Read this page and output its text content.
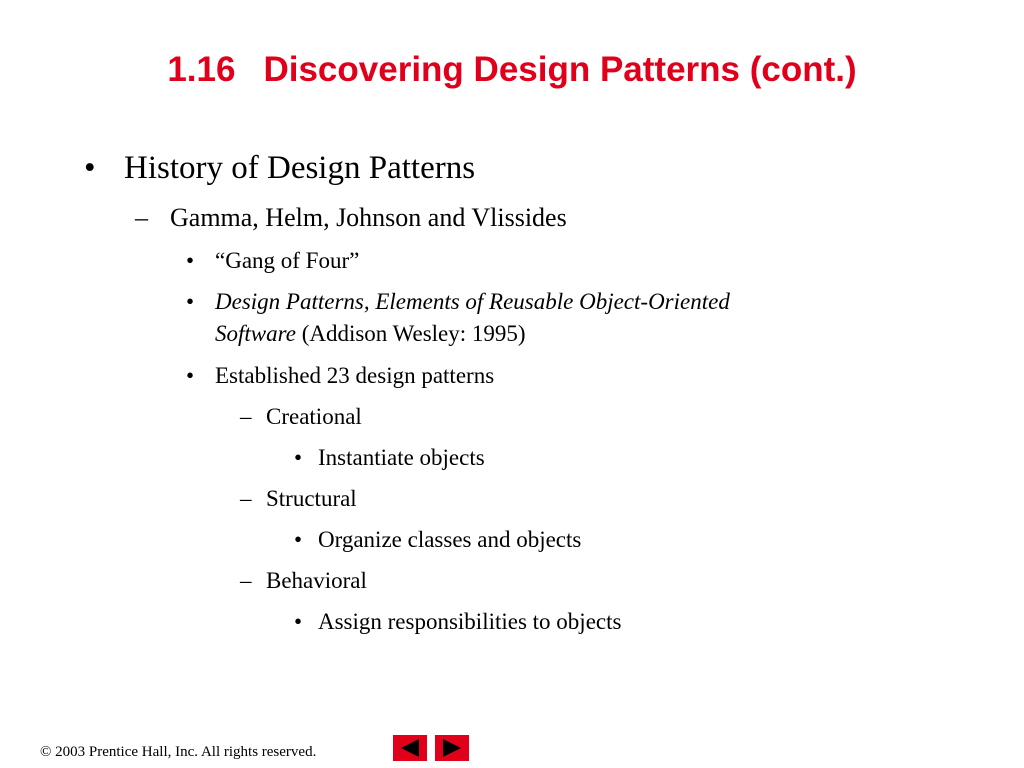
1.16 Discovering Design Patterns (cont.)
• History of Design Patterns
– Gamma, Helm, Johnson and Vlissides
• “Gang of Four”
• Design Patterns, Elements of Reusable Object-Oriented
Software (Addison Wesley: 1995)
• Established 23 design patterns
– Creational
• Instantiate objects
– Structural
• Organize classes and objects
– Behavioral
• Assign responsibilities to objects
© 2003 Prentice Hall, Inc. All rights reserved.
